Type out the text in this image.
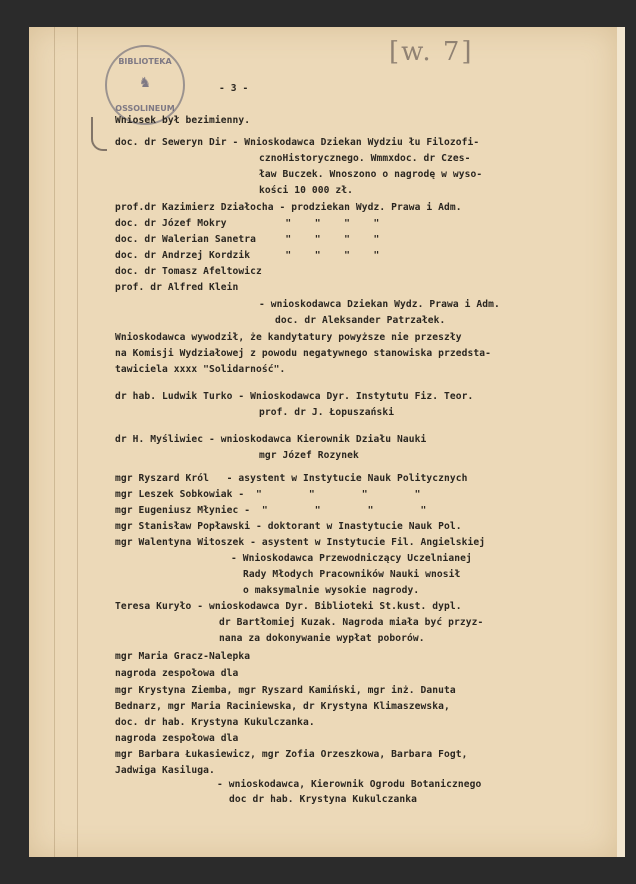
BIBLIOTEKA
♞
OSSOLINEUM
[w. 7]
- 3 -
Wniosek był bezimienny.
doc. dr Seweryn Dir - Wnioskodawca Dziekan Wydziu łu Filozofi-
cznoHistorycznego. Wmmxdoc. dr Czes-
ław Buczek. Wnoszono o nagrodę w wyso-
kości 10 000 zł.
prof.dr Kazimierz Działocha - prodziekan Wydz. Prawa i Adm.
doc. dr Józef Mokry          "    "    "    "
doc. dr Walerian Sanetra     "    "    "    "
doc. dr Andrzej Kordzik      "    "    "    "
doc. dr Tomasz Afeltowicz
prof. dr Alfred Klein
- wnioskodawca Dziekan Wydz. Prawa i Adm.
doc. dr Aleksander Patrzałek.
Wnioskodawca wywodził, że kandytatury powyższe nie przeszły
na Komisji Wydziałowej z powodu negatywnego stanowiska przedsta-
tawiciela xxxx "Solidarność".
dr hab. Ludwik Turko - Wnioskodawca Dyr. Instytutu Fiz. Teor.
prof. dr J. Łopuszański
dr H. Myśliwiec - wnioskodawca Kierownik Działu Nauki
mgr Józef Rozynek
mgr Ryszard Król   - asystent w Instytucie Nauk Politycznych
mgr Leszek Sobkowiak -  "        "        "        "
mgr Eugeniusz Młyniec -  "        "        "        "
mgr Stanisław Popławski - doktorant w Inastytucie Nauk Pol.
mgr Walentyna Witoszek - asystent w Instytucie Fil. Angielskiej
- Wnioskodawca Przewodniczący Uczelnianej
Rady Młodych Pracowników Nauki wnosił
o maksymalnie wysokie nagrody.
Teresa Kuryło - wnioskodawca Dyr. Biblioteki St.kust. dypl.
dr Bartłomiej Kuzak. Nagroda miała być przyz-
nana za dokonywanie wypłat poborów.
mgr Maria Gracz-Nalepka
nagroda zespołowa dla
mgr Krystyna Ziemba, mgr Ryszard Kamiński, mgr inż. Danuta
Bednarz, mgr Maria Raciniewska, dr Krystyna Klimaszewska,
doc. dr hab. Krystyna Kukulczanka.
nagroda zespołowa dla
mgr Barbara Łukasiewicz, mgr Zofia Orzeszkowa, Barbara Fogt,
Jadwiga Kasiluga.
- wnioskodawca, Kierownik Ogrodu Botanicznego
doc dr hab. Krystyna Kukulczanka
